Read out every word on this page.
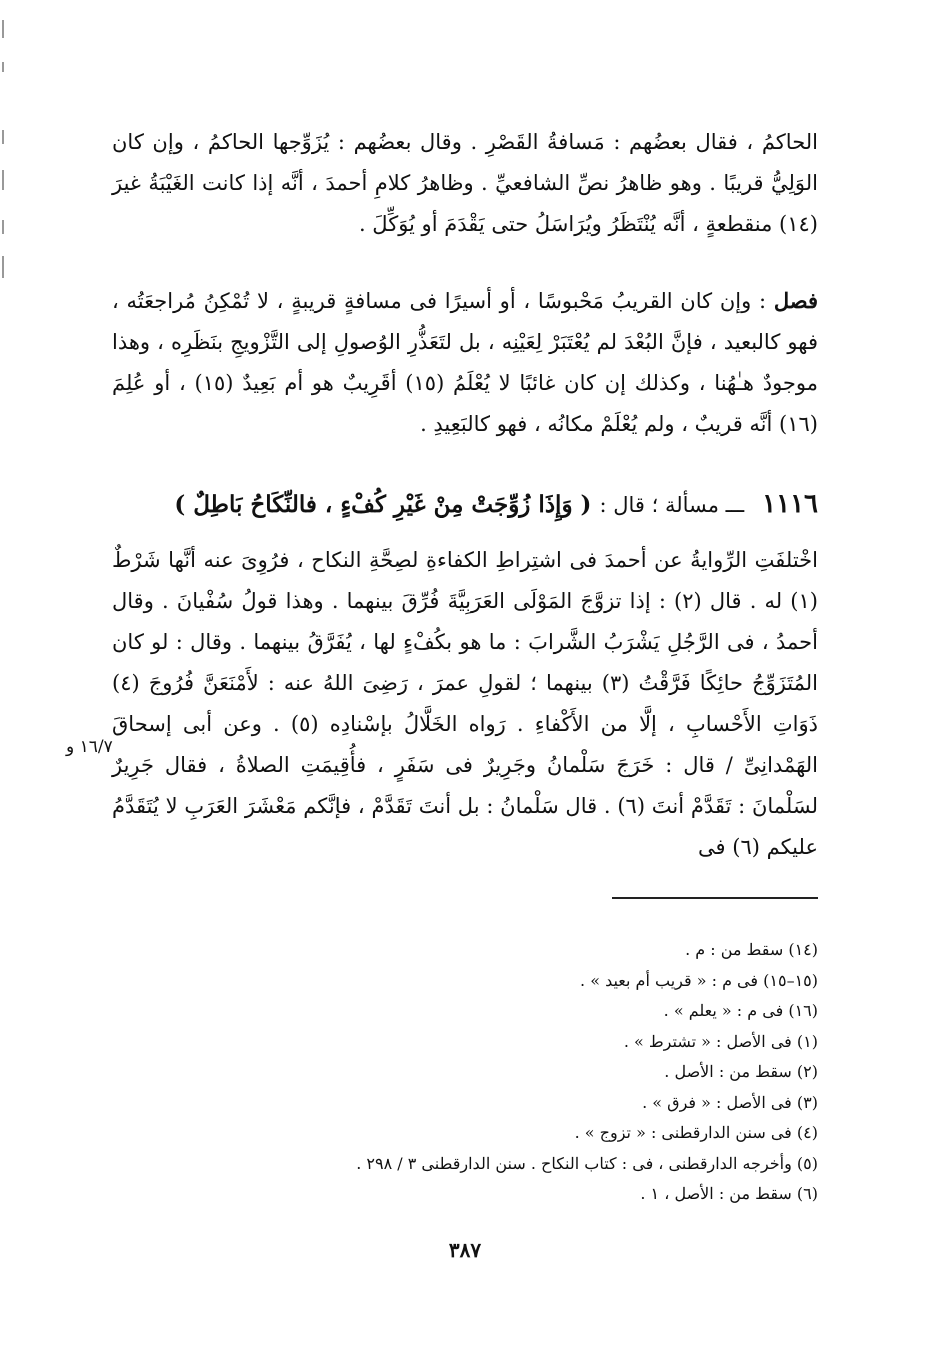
الحاكمُ ، فقال بعضُهم : مَسافةُ القَصْرِ . وقال بعضُهم : يُزَوِّجها الحاكمُ ، وإن كان الوَلِيُّ قريبًا . وهو ظاهرُ نصِّ الشافعيِّ . وظاهرُ كلامِ أحمدَ ، أنَّه إذا كانت الغَيْبَةُ غيرَ (١٤) منقطعةٍ ، أنَّه يُنْتَظَرُ ويُرَاسَلُ حتى يَقْدَمَ أو يُوَكِّلَ .
فصل : وإن كان القريبُ مَحْبوسًا ، أو أسيرًا فى مسافةٍ قريبةٍ ، لا تُمْكِنُ مُراجعَتُه ، فهو كالبعيد ، فإنَّ البُعْدَ لم يُعْتَبَرْ لِعَيْنِه ، بل لتَعَذُّرِ الوُصولِ إلى التَّزْويجِ بنَظَرِه ، وهذا موجودٌ هـٰهُنا ، وكذلك إن كان غائبًا لا يُعْلَمُ (١٥) أقَرِيبٌ هو أم بَعِيدٌ (١٥) ، أو عُلِمَ (١٦) أنَّه قريبٌ ، ولم يُعْلَمْ مكانُه ، فهو كالبَعِيدِ .
١١١٦ ـــ مسألة ؛ قال : ( وَإِذَا زُوِّجَتْ مِنْ غَيْرِ كُفْءٍ ، فالنِّكَاحُ بَاطِلٌ )
اخْتلفَتِ الرِّوايةُ عن أحمدَ فى اشتِراطِ الكفاءةِ لصِحَّةِ النكاح ، فرُوِىَ عنه أنَّها شَرْطٌ (١) له . قال (٢) : إذا تزوَّجَ المَوْلَى العَرَبِيَّةَ فُرِّقَ بينهما . وهذا قولُ سُفْيانَ . وقال أحمدُ ، فى الرَّجُلِ يَشْرَبُ الشَّرابَ : ما هو بكُفْءٍ لها ، يُفَرَّقُ بينهما . وقال : لو كان المُتَزَوِّجُ حائِكًا فَرَّقْتُ (٣) بينهما ؛ لقولِ عمرَ ، رَضِىَ اللهُ عنه : لأَمْنَعَنَّ فُرُوجَ (٤) ذَوَاتِ الأَحْسابِ ، إلَّا من الأَكْفاءِ . رَواه الخَلَّالُ بإسْنادِه (٥) . وعن أبى إسحاقَ الهَمْدانِىِّ / قال : خَرَجَ سَلْمانُ وجَرِيرٌ فى سَفَرٍ ، فأُقِيمَتِ الصلاةُ ، فقال جَرِيرٌ لسَلْمانَ : تَقَدَّمْ أنتَ (٦) . قال سَلْمانُ : بل أنتَ تَقَدَّمْ ، فإنَّكم مَعْشَرَ العَرَبِ لا يُتَقَدَّمُ عليكم (٦) فى
١٦/٧ و
(١٤) سقط من : م .
(١٥–١٥) فى م : « قريب أم بعيد » .
(١٦) فى م : « يعلم » .
(١) فى الأصل : « تشترط » .
(٢) سقط من : الأصل .
(٣) فى الأصل : « فرق » .
(٤) فى سنن الدارقطنى : « تزوج » .
(٥) وأخرجه الدارقطنى ، فى : كتاب النكاح . سنن الدارقطنى ٣ / ٢٩٨ .
(٦) سقط من : الأصل ، ١ .
٣٨٧
